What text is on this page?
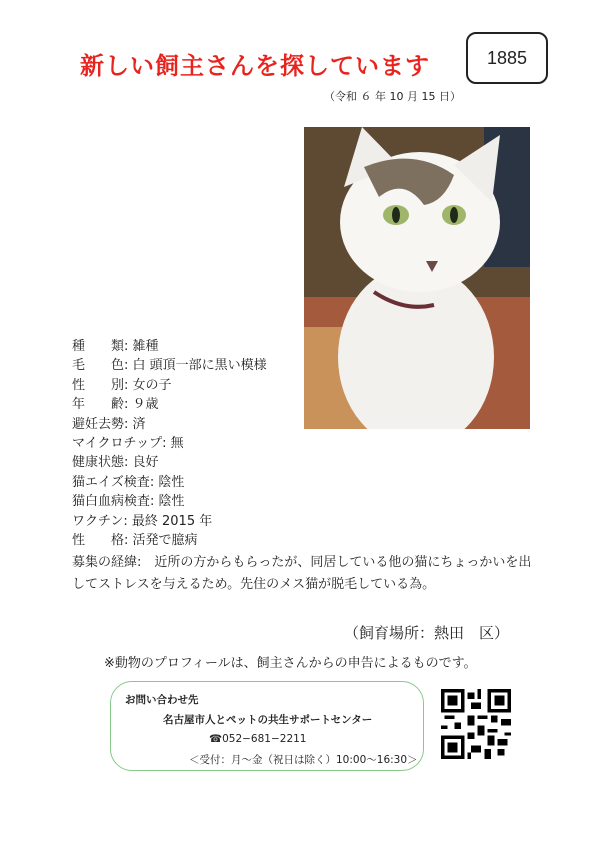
新しい飼主さんを探しています	1885
（令和 ６ 年 10 月 15 日）
種　　類: 雑種
毛　　色: 白 頭頂一部に黒い模様
性　　別: 女の子
年　　齢: ９歳
避妊去勢: 済
マイクロチップ: 無
健康状態: 良好
猫エイズ検査: 陰性
猫白血病検査: 陰性
ワクチン: 最終 2015 年
性　　格: 活発で臆病
募集の経緯:　近所の方からもらったが、同居している他の猫にちょっかいを出してストレスを与えるため。先住のメス猫が脱毛している為。
（飼育場所：熱田　区）
※動物のプロフィールは、飼主さんからの申告によるものです。
お問い合わせ先
名古屋市人とペットの共生サポートセンター
☎052−681−2211
＜受付：月～金（祝日は除く）10:00～16:30＞
